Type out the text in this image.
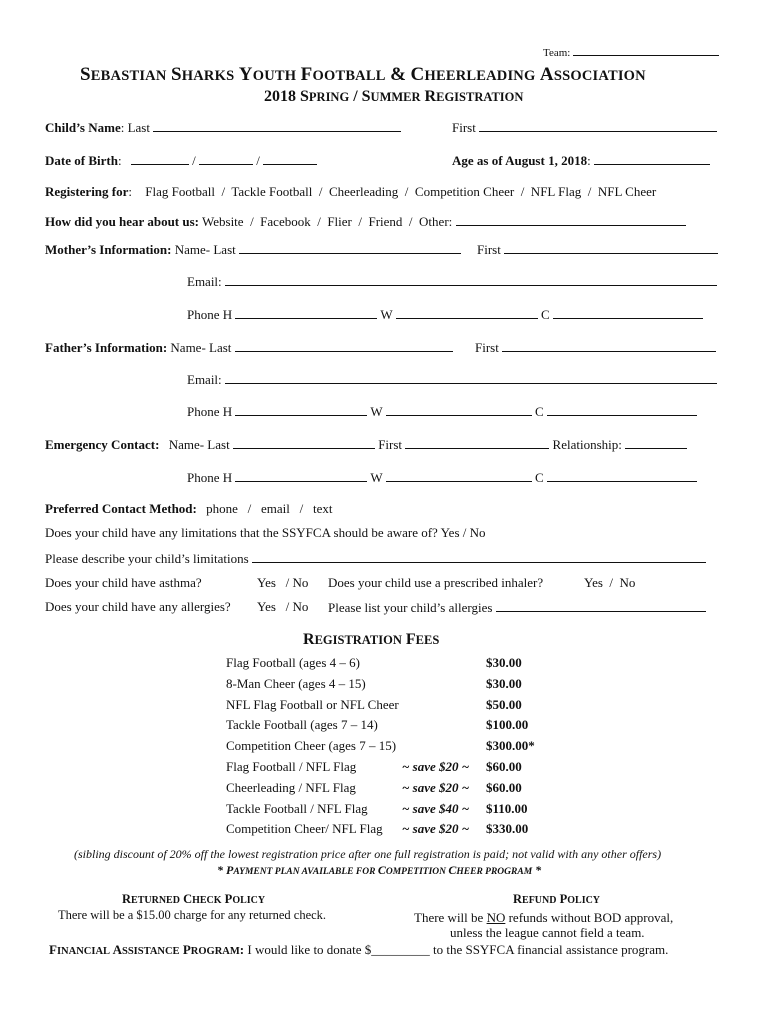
Team:
SEBASTIAN SHARKS YOUTH FOOTBALL & CHEERLEADING ASSOCIATION
2018 SPRING / SUMMER REGISTRATION
Child’s Name: Last	First
Date of Birth:	/	/	Age as of August 1, 2018:
Registering for: Flag Football  /  Tackle Football  /  Cheerleading  /  Competition Cheer  /  NFL Flag  /  NFL Cheer
How did you hear about us: Website  /  Facebook  /  Flier  /  Friend  /  Other:
Mother’s Information: Name- Last	First
Email:
Phone H	W	C
Father’s Information: Name- Last	First
Email:
Phone H	W	C
Emergency Contact: Name- Last	First	Relationship:
Phone H	W	C
Preferred Contact Method: phone   /   email   /   text
Does your child have any limitations that the SSYFCA should be aware of? Yes / No
Please describe your child’s limitations
Does your child have asthma?	Yes   / No Does your child use a prescribed inhaler?	Yes  /  No
Does your child have any allergies? Yes   / No Please list your child’s allergies
REGISTRATION FEES
Flag Football (ages 4 – 6)	$30.00
8-Man Cheer (ages 4 – 15)	$30.00
NFL Flag Football or NFL Cheer	$50.00
Tackle Football (ages 7 – 14)	$100.00
Competition Cheer (ages 7 – 15)	$300.00*
Flag Football / NFL Flag	~ save $20 ~ $60.00
Cheerleading / NFL Flag	~ save $20 ~ $60.00
Tackle Football / NFL Flag	~ save $40 ~ $110.00
Competition Cheer/ NFL Flag ~ save $20 ~ $330.00
(sibling discount of 20% off the lowest registration price after one full registration is paid; not valid with any other offers)
* PAYMENT PLAN AVAILABLE FOR COMPETITION CHEER PROGRAM *
RETURNED CHECK POLICY
There will be a $15.00 charge for any returned check.
REFUND POLICY
There will be NO refunds without BOD approval,
unless the league cannot field a team.
FINANCIAL ASSISTANCE PROGRAM: I would like to donate $_________ to the SSYFCA financial assistance program.
